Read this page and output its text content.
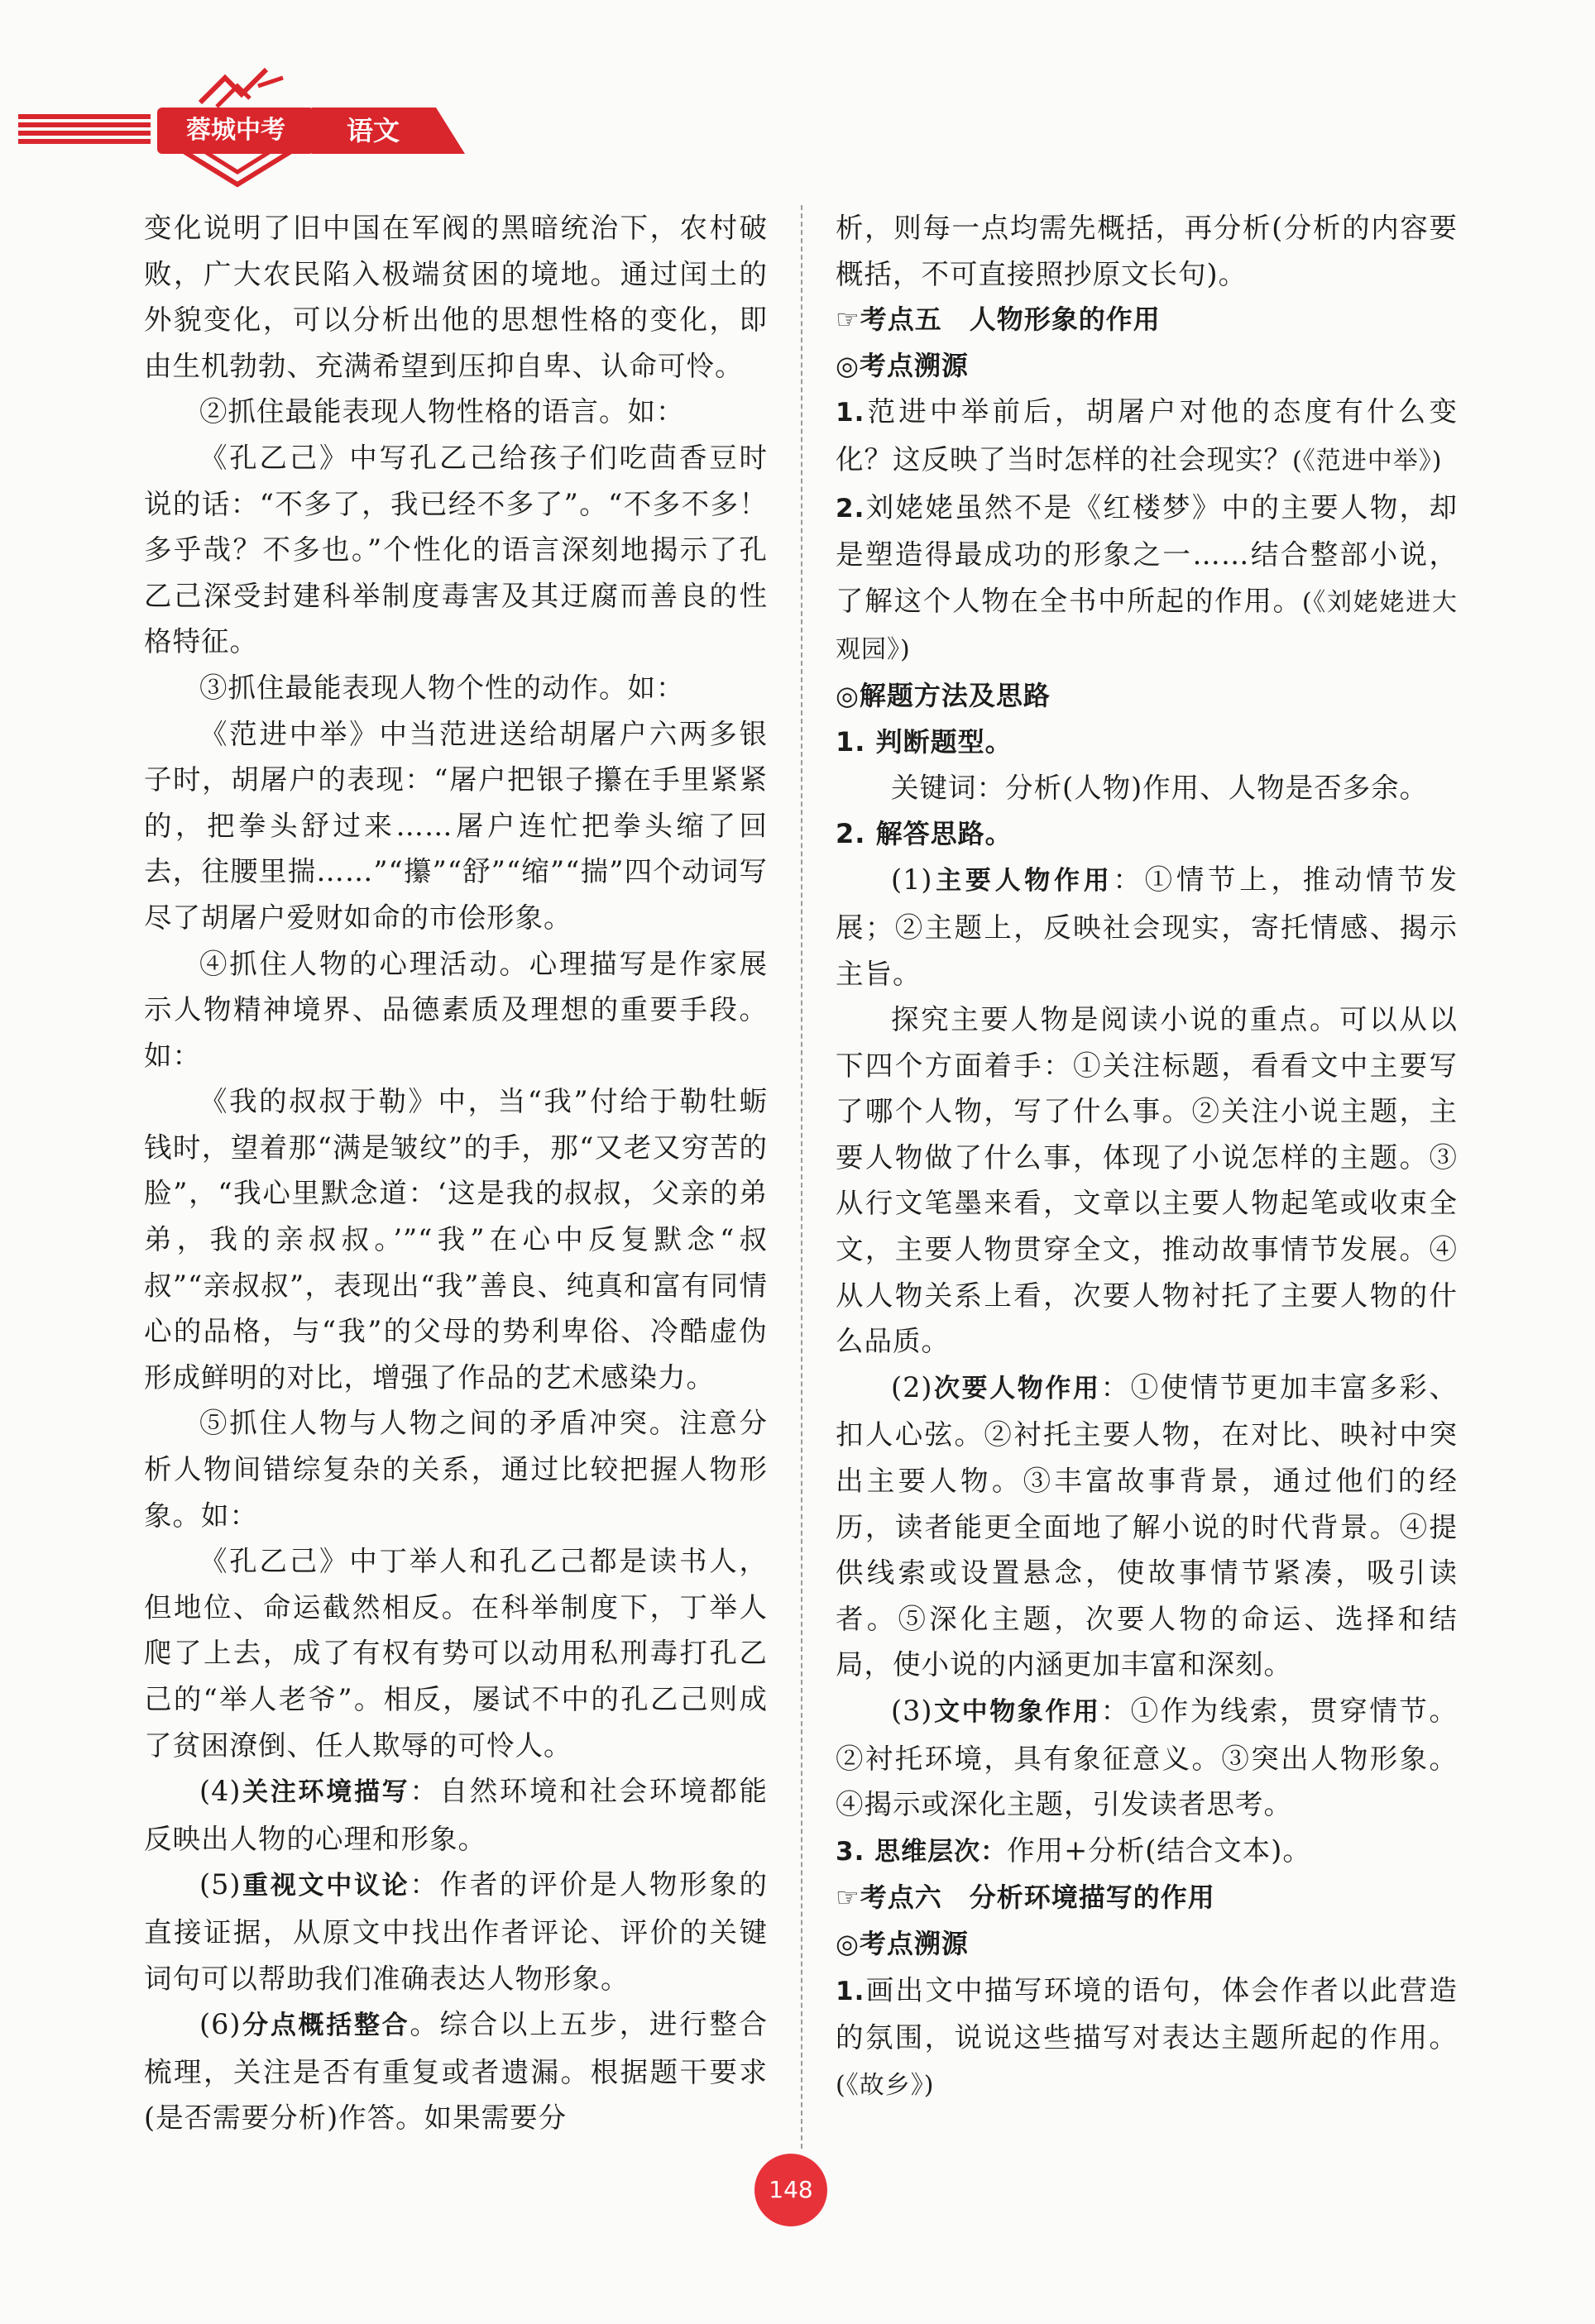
蓉城中考	语文

变化说明了旧中国在军阀的黑暗统治下，农村破败，广大农民陷入极端贫困的境地。通过闰土的外貌变化，可以分析出他的思想性格的变化，即由生机勃勃、充满希望到压抑自卑、认命可怜。

②抓住最能表现人物性格的语言。如：

《孔乙己》中写孔乙己给孩子们吃茴香豆时说的话：“不多了，我已经不多了”。“不多不多！多乎哉？不多也。”个性化的语言深刻地揭示了孔乙己深受封建科举制度毒害及其迂腐而善良的性格特征。

③抓住最能表现人物个性的动作。如：

《范进中举》中当范进送给胡屠户六两多银子时，胡屠户的表现：“屠户把银子攥在手里紧紧的，把拳头舒过来……屠户连忙把拳头缩了回去，往腰里揣……”“攥”“舒”“缩”“揣”四个动词写尽了胡屠户爱财如命的市侩形象。

④抓住人物的心理活动。心理描写是作家展示人物精神境界、品德素质及理想的重要手段。如：

《我的叔叔于勒》中，当“我”付给于勒牡蛎钱时，望着那“满是皱纹”的手，那“又老又穷苦的脸”，“我心里默念道：‘这是我的叔叔，父亲的弟弟，我的亲叔叔。’”“我”在心中反复默念“叔叔”“亲叔叔”，表现出“我”善良、纯真和富有同情心的品格，与“我”的父母的势利卑俗、冷酷虚伪形成鲜明的对比，增强了作品的艺术感染力。

⑤抓住人物与人物之间的矛盾冲突。注意分析人物间错综复杂的关系，通过比较把握人物形象。如：

《孔乙己》中丁举人和孔乙己都是读书人，但地位、命运截然相反。在科举制度下，丁举人爬了上去，成了有权有势可以动用私刑毒打孔乙己的“举人老爷”。相反，屡试不中的孔乙己则成了贫困潦倒、任人欺辱的可怜人。

(4)关注环境描写：自然环境和社会环境都能反映出人物的心理和形象。

(5)重视文中议论：作者的评价是人物形象的直接证据，从原文中找出作者评论、评价的关键词句可以帮助我们准确表达人物形象。

(6)分点概括整合。综合以上五步，进行整合梳理，关注是否有重复或者遗漏。根据题干要求(是否需要分析)作答。如果需要分

析，则每一点均需先概括，再分析(分析的内容要概括，不可直接照抄原文长句)。

☞考点五　人物形象的作用

◎考点溯源

1.范进中举前后，胡屠户对他的态度有什么变化？这反映了当时怎样的社会现实？(《范进中举》)

2.刘姥姥虽然不是《红楼梦》中的主要人物，却是塑造得最成功的形象之一……结合整部小说，了解这个人物在全书中所起的作用。(《刘姥姥进大观园》)

◎解题方法及思路

1. 判断题型。

关键词：分析(人物)作用、人物是否多余。

2. 解答思路。

(1)主要人物作用：①情节上，推动情节发展；②主题上，反映社会现实，寄托情感、揭示主旨。

探究主要人物是阅读小说的重点。可以从以下四个方面着手：①关注标题，看看文中主要写了哪个人物，写了什么事。②关注小说主题，主要人物做了什么事，体现了小说怎样的主题。③从行文笔墨来看，文章以主要人物起笔或收束全文，主要人物贯穿全文，推动故事情节发展。④从人物关系上看，次要人物衬托了主要人物的什么品质。

(2)次要人物作用：①使情节更加丰富多彩、扣人心弦。②衬托主要人物，在对比、映衬中突出主要人物。③丰富故事背景，通过他们的经历，读者能更全面地了解小说的时代背景。④提供线索或设置悬念，使故事情节紧凑，吸引读者。⑤深化主题，次要人物的命运、选择和结局，使小说的内涵更加丰富和深刻。

(3)文中物象作用：①作为线索，贯穿情节。②衬托环境，具有象征意义。③突出人物形象。④揭示或深化主题，引发读者思考。

3. 思维层次：作用+分析(结合文本)。

☞考点六　分析环境描写的作用

◎考点溯源

1.画出文中描写环境的语句，体会作者以此营造的氛围，说说这些描写对表达主题所起的作用。(《故乡》)

148
